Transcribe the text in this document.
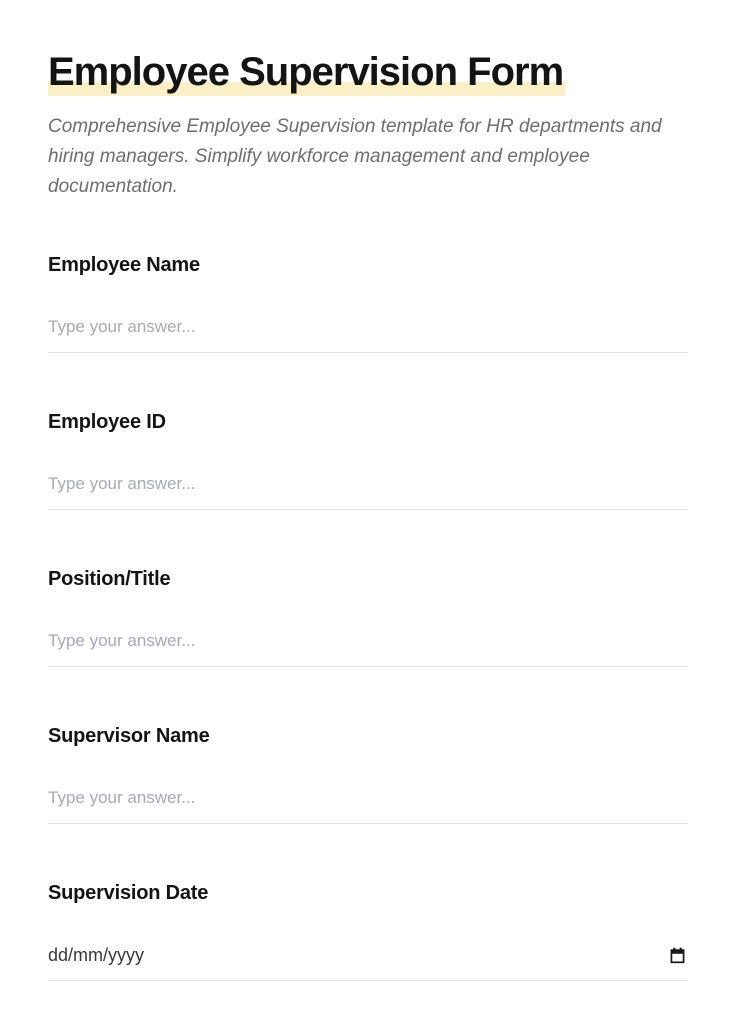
Employee Supervision Form

Comprehensive Employee Supervision template for HR departments and hiring managers. Simplify workforce management and employee documentation.

Employee Name
Type your answer...
Employee ID
Type your answer...
Position/Title
Type your answer...
Supervisor Name
Type your answer...
Supervision Date
dd/mm/yyyy
